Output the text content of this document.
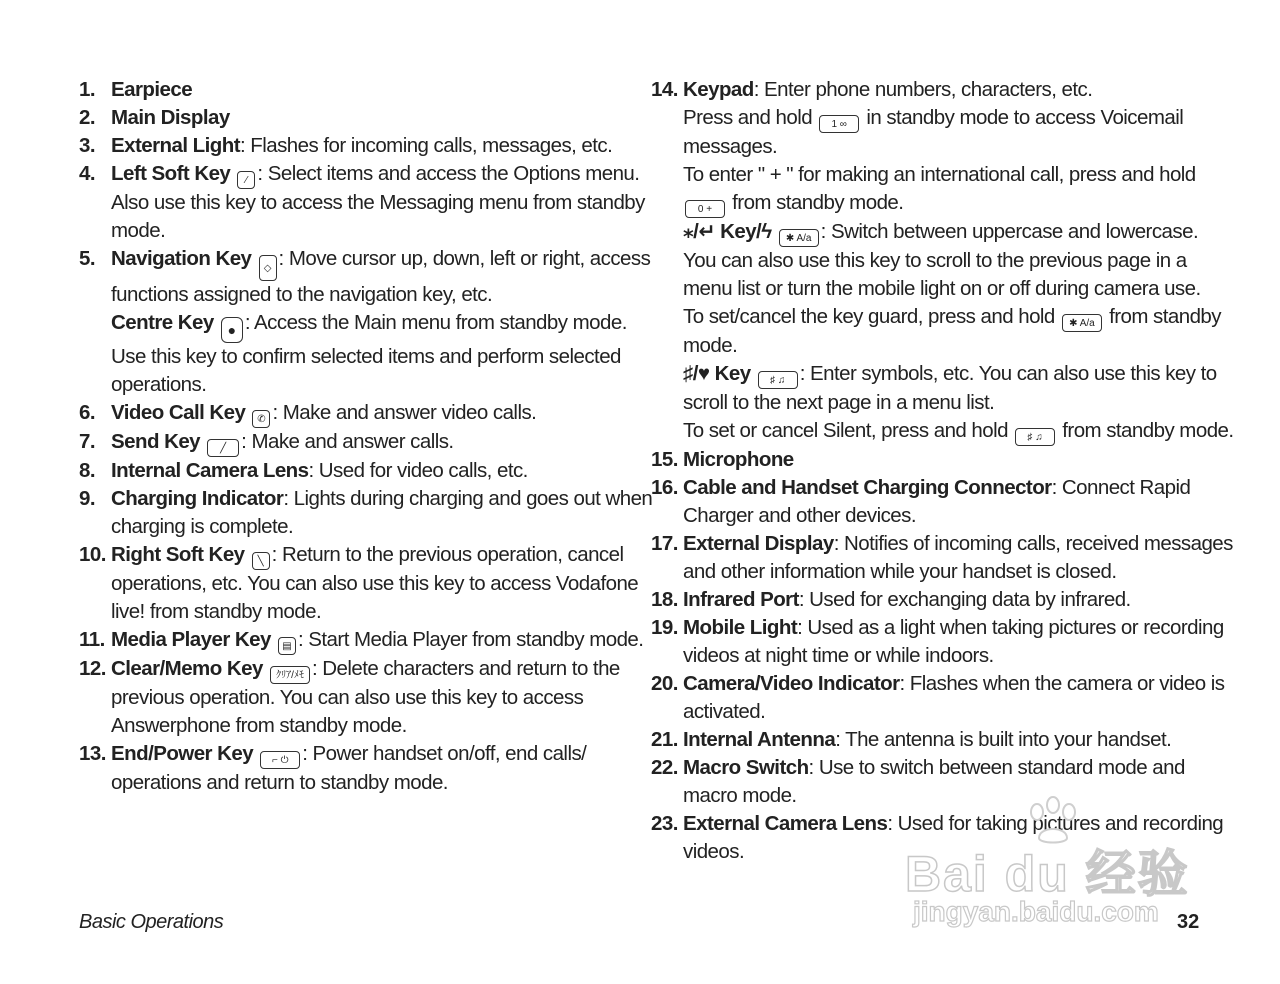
1. Earpiece
2. Main Display
3. External Light: Flashes for incoming calls, messages, etc.
4. Left Soft Key ⁄ : Select items and access the Options menu.
Also use this key to access the Messaging menu from standby
mode.
5. Navigation Key ◇ : Move cursor up, down, left or right, access
functions assigned to the navigation key, etc.
Centre Key ● : Access the Main menu from standby mode.
Use this key to confirm selected items and perform selected
operations.
6. Video Call Key ✆ : Make and answer video calls.
7. Send Key ╱ : Make and answer calls.
8. Internal Camera Lens: Used for video calls, etc.
9. Charging Indicator: Lights during charging and goes out when
charging is complete.
10. Right Soft Key ╲ : Return to the previous operation, cancel
operations, etc. You can also use this key to access Vodafone
live! from standby mode.
11. Media Player Key ▤ : Start Media Player from standby mode.
12. Clear/Memo Key ｸﾘｱ/ﾒﾓ : Delete characters and return to the
previous operation. You can also use this key to access
Answerphone from standby mode.
13. End/Power Key ⌐ ⏻ : Power handset on/off, end calls/
operations and return to standby mode.
14. Keypad: Enter phone numbers, characters, etc.
Press and hold 1 ∞ in standby mode to access Voicemail
messages.
To enter " + " for making an international call, press and hold
0 + from standby mode.
⁎/↵ Key/ϟ ✱ A/a : Switch between uppercase and lowercase.
You can also use this key to scroll to the previous page in a
menu list or turn the mobile light on or off during camera use.
To set/cancel the key guard, press and hold ✱ A/a from standby
mode.
♯/♥ Key ♯ ♫ : Enter symbols, etc. You can also use this key to
scroll to the next page in a menu list.
To set or cancel Silent, press and hold ♯ ♫ from standby mode.
15. Microphone
16. Cable and Handset Charging Connector: Connect Rapid
Charger and other devices.
17. External Display: Notifies of incoming calls, received messages
and other information while your handset is closed.
18. Infrared Port: Used for exchanging data by infrared.
19. Mobile Light: Used as a light when taking pictures or recording
videos at night time or while indoors.
20. Camera/Video Indicator: Flashes when the camera or video is
activated.
21. Internal Antenna: The antenna is built into your handset.
22. Macro Switch: Use to switch between standard mode and
macro mode.
23. External Camera Lens: Used for taking pictures and recording
videos.
Basic Operations	32
Bai du 经验
jingyan.baidu.com
